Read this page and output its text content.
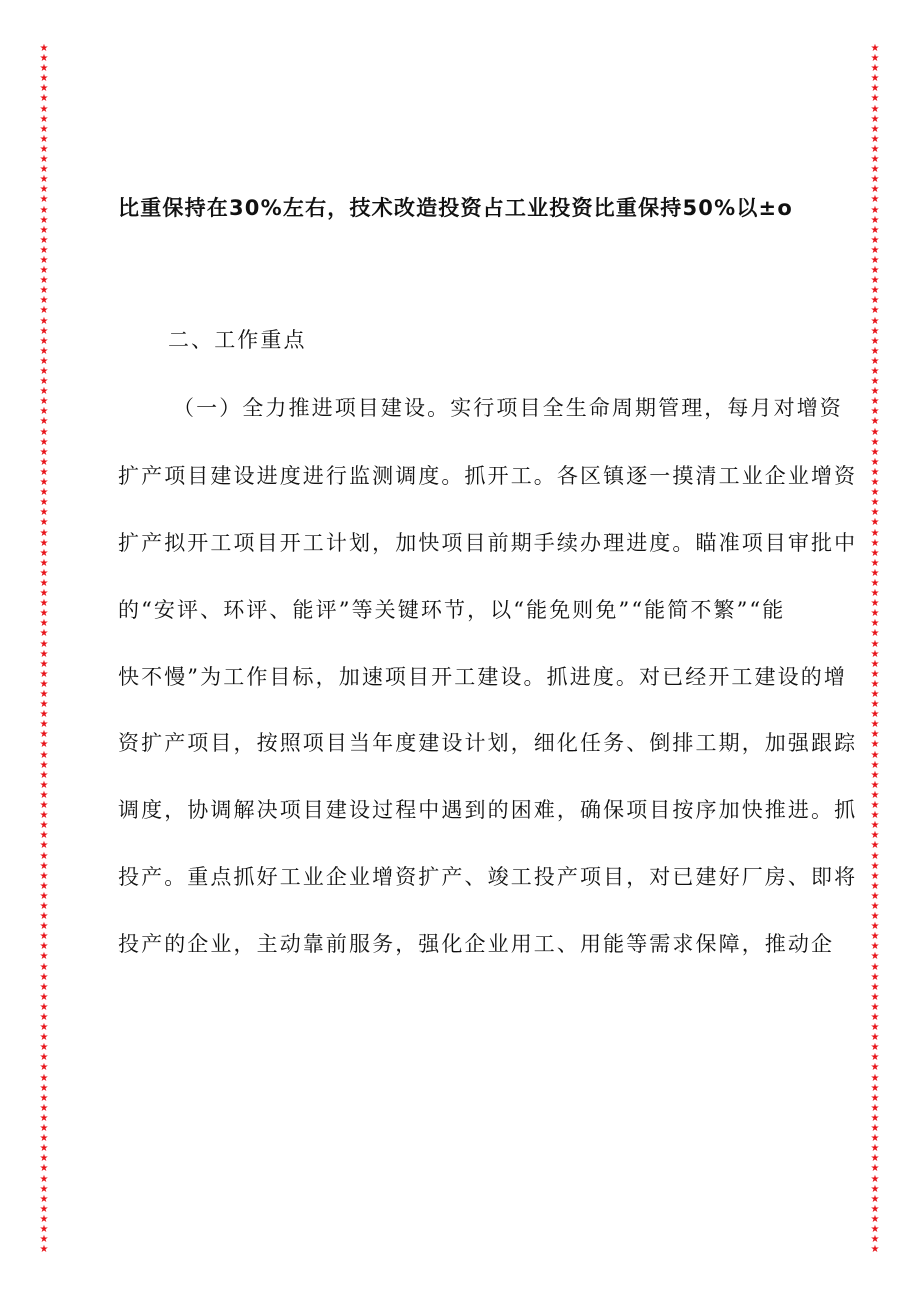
★
★
★
★
★
★
★
★
★
★
★
★
★
★
★
★
★
★
★
★
★
★
★
★
★
★
★
★
★
★
★
★
★
★
★
★
★
★
★
★
★
★
★
★
★
★
★
★
★
★
★
★
★
★
★
★
★
★
★
★
★
★
★
★
★
★
★
★
★
★
★
★
★
★
★
★
★
★
★
★
★
★
★
★
★
★
★
★
★
★
★
★
★
★
★
★
★
★
★
★
★
★
★
★
★
★
★
★
★
★
★
★
★
★
★
★
★
★
★
★
★
★
★
★
★
★
★
★
★
★
★
★
★
★
★
★
★
★
★
★
★
★
★
★
★
★
★
★
★
★
★
★
★
★
★
★
★
★
★
★
★
★
★
★
★
★
★
★
★
★
★
★
★
★
★
★
★
★
★
★
★
★
★
★
★
★
★
★
★
★
★
★
★
★
★
★
★
★
★
★
★
★
★
★
★
★
★
★
★
★
★
★
★
★
★
★
★
★
★
★
★
★
★
★
★
★
★
★
★
★
★
★
★
★
★
★
★
★
★
★
比重保持在30%左右，技术改造投资占工业投资比重保持50%以±o
二、工作重点
（一）全力推进项目建设。实行项目全生命周期管理，每月对增资
扩产项目建设进度进行监测调度。抓开工。各区镇逐一摸清工业企业增资
扩产拟开工项目开工计划，加快项目前期手续办理进度。瞄准项目审批中
的“安评、环评、能评”等关键环节，以“能免则免”“能简不繁”“能
快不慢”为工作目标，加速项目开工建设。抓进度。对已经开工建设的增
资扩产项目，按照项目当年度建设计划，细化任务、倒排工期，加强跟踪
调度，协调解决项目建设过程中遇到的困难，确保项目按序加快推进。抓
投产。重点抓好工业企业增资扩产、竣工投产项目，对已建好厂房、即将
投产的企业，主动靠前服务，强化企业用工、用能等需求保障，推动企
